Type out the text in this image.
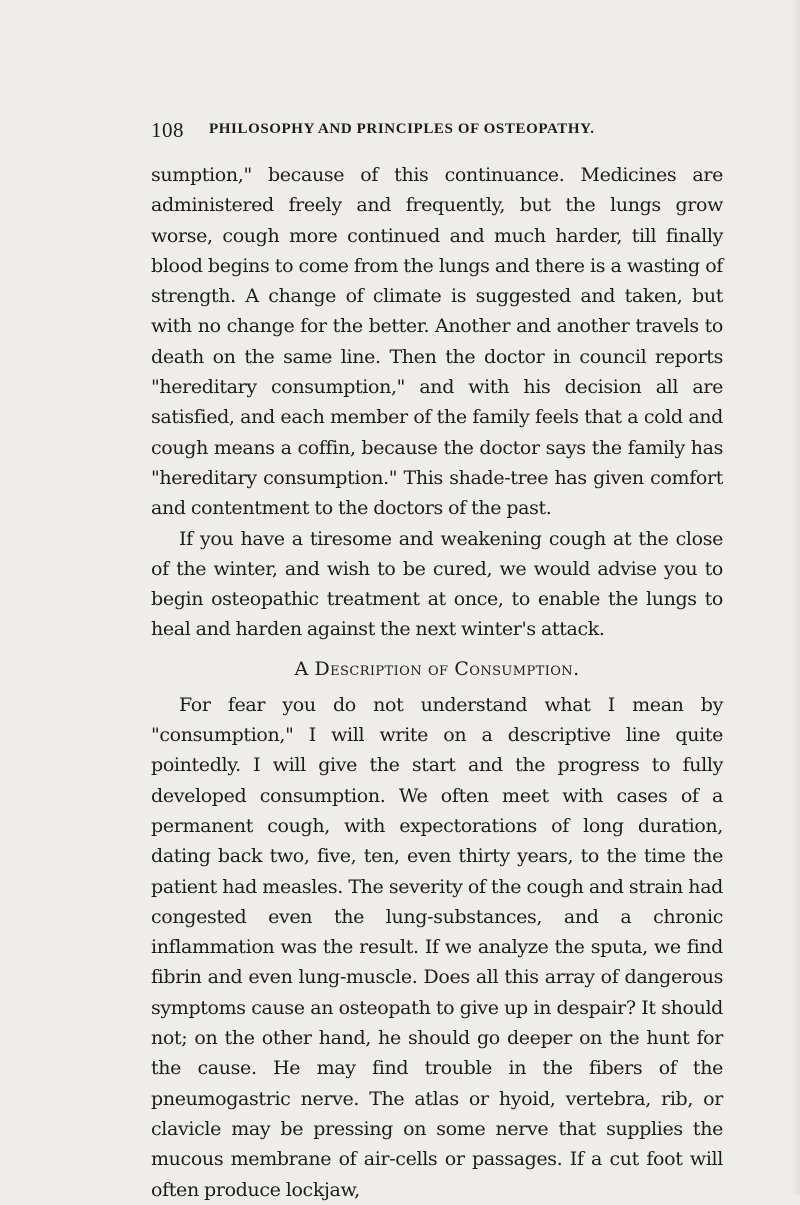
108 PHILOSOPHY AND PRINCIPLES OF OSTEOPATHY.

sumption," because of this continuance. Medicines are administered freely and frequently, but the lungs grow worse, cough more continued and much harder, till finally blood begins to come from the lungs and there is a wasting of strength. A change of climate is suggested and taken, but with no change for the better. Another and another travels to death on the same line. Then the doctor in council reports "hereditary consumption," and with his decision all are satisfied, and each member of the family feels that a cold and cough means a coffin, because the doctor says the family has "hereditary consumption." This shade-tree has given comfort and contentment to the doctors of the past.

If you have a tiresome and weakening cough at the close of the winter, and wish to be cured, we would advise you to begin osteopathic treatment at once, to enable the lungs to heal and harden against the next winter's attack.

A Description of Consumption.

For fear you do not understand what I mean by "consumption," I will write on a descriptive line quite pointedly. I will give the start and the progress to fully developed consumption. We often meet with cases of a permanent cough, with expectorations of long duration, dating back two, five, ten, even thirty years, to the time the patient had measles. The severity of the cough and strain had congested even the lung-substances, and a chronic inflammation was the result. If we analyze the sputa, we find fibrin and even lung-muscle. Does all this array of dangerous symptoms cause an osteopath to give up in despair? It should not; on the other hand, he should go deeper on the hunt for the cause. He may find trouble in the fibers of the pneumogastric nerve. The atlas or hyoid, vertebra, rib, or clavicle may be pressing on some nerve that supplies the mucous membrane of air-cells or passages. If a cut foot will often produce lockjaw,
